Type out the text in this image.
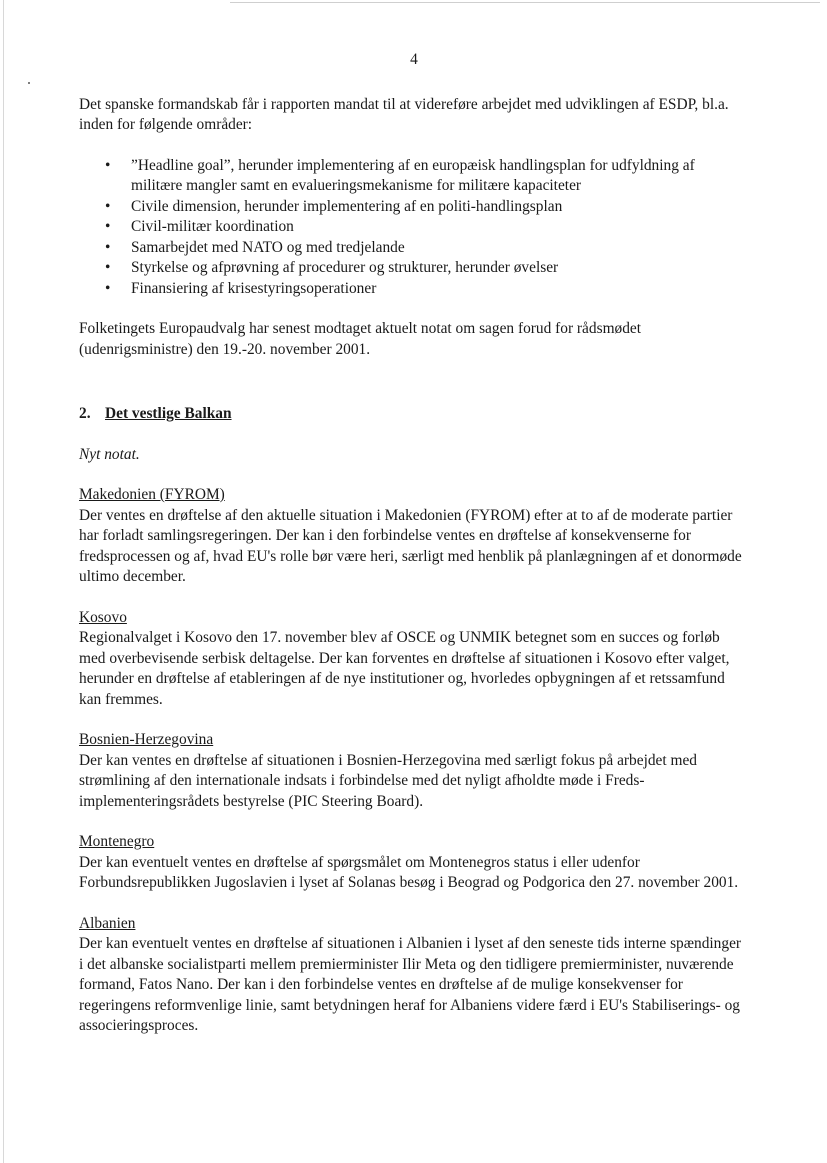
4

Det spanske formandskab får i rapporten mandat til at videreføre arbejdet med udviklingen af ESDP, bl.a. inden for følgende områder:

• ”Headline goal”, herunder implementering af en europæisk handlingsplan for udfyldning af militære mangler samt en evalueringsmekanisme for militære kapaciteter
• Civile dimension, herunder implementering af en politi-handlingsplan
• Civil-militær koordination
• Samarbejdet med NATO og med tredjelande
• Styrkelse og afprøvning af procedurer og strukturer, herunder øvelser
• Finansiering af krisestyringsoperationer

Folketingets Europaudvalg har senest modtaget aktuelt notat om sagen forud for rådsmødet (udenrigsministre) den 19.-20. november 2001.

2. Det vestlige Balkan

Nyt notat.

Makedonien (FYROM)

Der ventes en drøftelse af den aktuelle situation i Makedonien (FYROM) efter at to af de moderate partier har forladt samlingsregeringen. Der kan i den forbindelse ventes en drøftelse af konsekvenserne for fredsprocessen og af, hvad EU's rolle bør være heri, særligt med henblik på planlægningen af et donormøde ultimo december.

Kosovo

Regionalvalget i Kosovo den 17. november blev af OSCE og UNMIK betegnet som en succes og forløb med overbevisende serbisk deltagelse. Der kan forventes en drøftelse af situationen i Kosovo efter valget, herunder en drøftelse af etableringen af de nye institutioner og, hvorledes opbygningen af et retssamfund kan fremmes.

Bosnien-Herzegovina

Der kan ventes en drøftelse af situationen i Bosnien-Herzegovina med særligt fokus på arbejdet med strømlining af den internationale indsats i forbindelse med det nyligt afholdte møde i Freds-implementeringsrådets bestyrelse (PIC Steering Board).

Montenegro

Der kan eventuelt ventes en drøftelse af spørgsmålet om Montenegros status i eller udenfor Forbundsrepublikken Jugoslavien i lyset af Solanas besøg i Beograd og Podgorica den 27. november 2001.

Albanien

Der kan eventuelt ventes en drøftelse af situationen i Albanien i lyset af den seneste tids interne spændinger i det albanske socialistparti mellem premierminister Ilir Meta og den tidligere premierminister, nuværende formand, Fatos Nano. Der kan i den forbindelse ventes en drøftelse af de mulige konsekvenser for regeringens reformvenlige linie, samt betydningen heraf for Albaniens videre færd i EU's Stabiliserings- og associeringsproces.
